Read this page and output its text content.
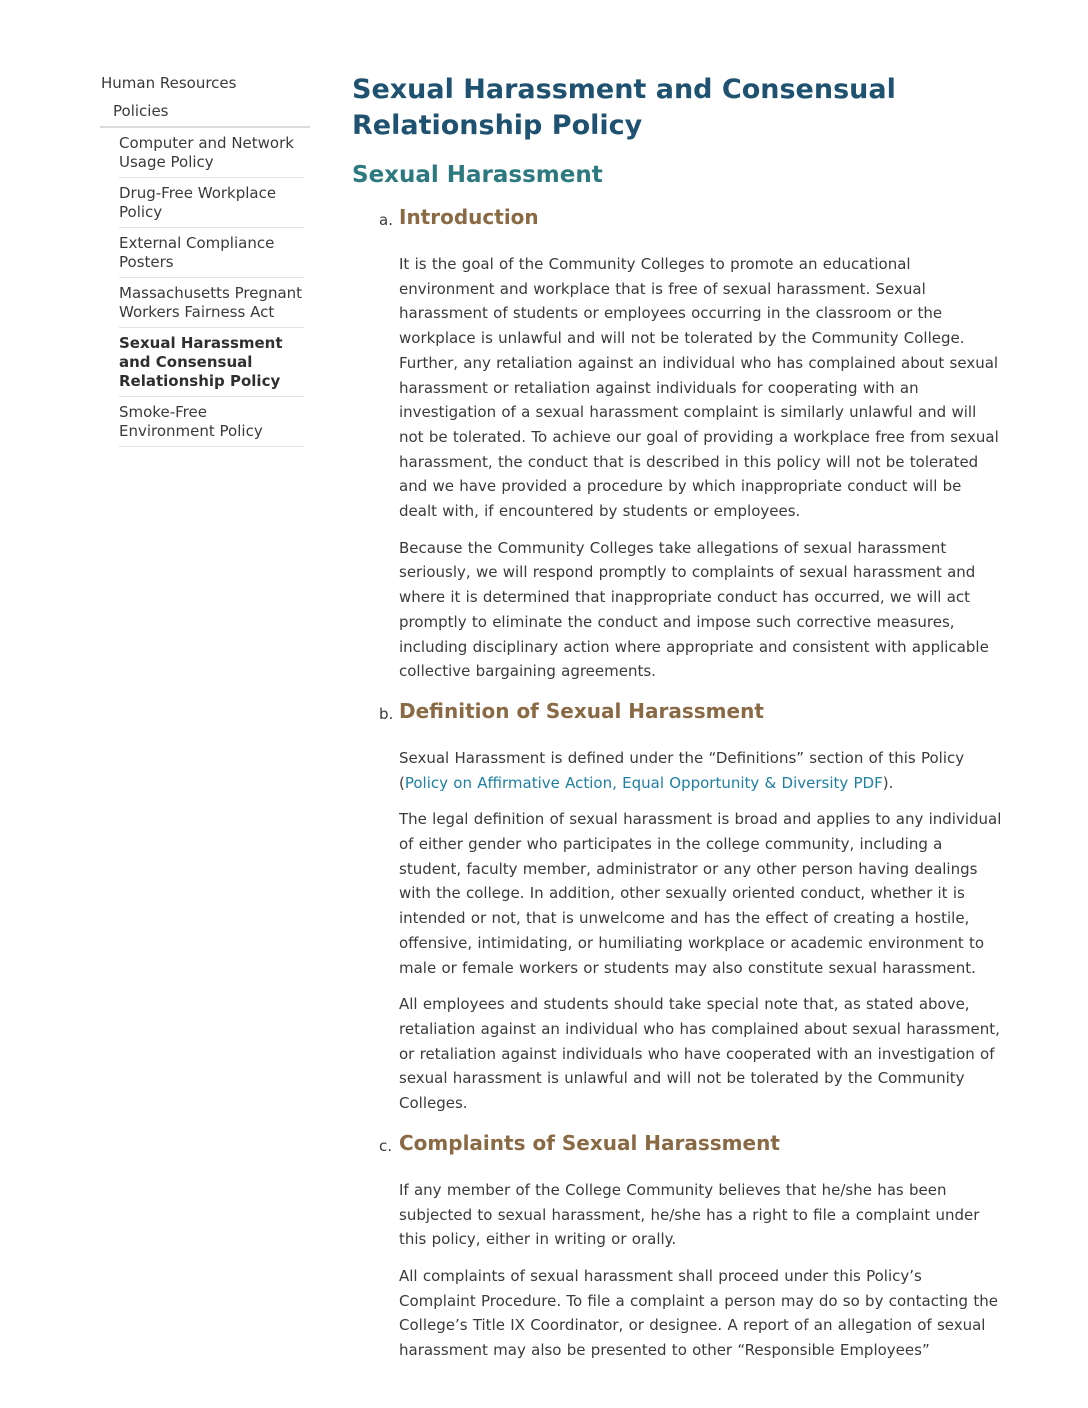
Human Resources
Policies
Computer and Network Usage Policy
Drug-Free Workplace Policy
External Compliance Posters
Massachusetts Pregnant Workers Fairness Act
Sexual Harassment and Consensual Relationship Policy
Smoke-Free Environment Policy
Sexual Harassment and Consensual Relationship Policy
Sexual Harassment
a. Introduction

It is the goal of the Community Colleges to promote an educational environment and workplace that is free of sexual harassment. Sexual harassment of students or employees occurring in the classroom or the workplace is unlawful and will not be tolerated by the Community College. Further, any retaliation against an individual who has complained about sexual harassment or retaliation against individuals for cooperating with an investigation of a sexual harassment complaint is similarly unlawful and will not be tolerated. To achieve our goal of providing a workplace free from sexual harassment, the conduct that is described in this policy will not be tolerated and we have provided a procedure by which inappropriate conduct will be dealt with, if encountered by students or employees.

Because the Community Colleges take allegations of sexual harassment seriously, we will respond promptly to complaints of sexual harassment and where it is determined that inappropriate conduct has occurred, we will act promptly to eliminate the conduct and impose such corrective measures, including disciplinary action where appropriate and consistent with applicable collective bargaining agreements.

b. Definition of Sexual Harassment

Sexual Harassment is defined under the “Definitions” section of this Policy (Policy on Affirmative Action, Equal Opportunity & Diversity PDF).

The legal definition of sexual harassment is broad and applies to any individual of either gender who participates in the college community, including a student, faculty member, administrator or any other person having dealings with the college. In addition, other sexually oriented conduct, whether it is intended or not, that is unwelcome and has the effect of creating a hostile, offensive, intimidating, or humiliating workplace or academic environment to male or female workers or students may also constitute sexual harassment.

All employees and students should take special note that, as stated above, retaliation against an individual who has complained about sexual harassment, or retaliation against individuals who have cooperated with an investigation of sexual harassment is unlawful and will not be tolerated by the Community Colleges.

c. Complaints of Sexual Harassment

If any member of the College Community believes that he/she has been subjected to sexual harassment, he/she has a right to file a complaint under this policy, either in writing or orally.

All complaints of sexual harassment shall proceed under this Policy’s Complaint Procedure. To file a complaint a person may do so by contacting the College’s Title IX Coordinator, or designee. A report of an allegation of sexual harassment may also be presented to other “Responsible Employees”
